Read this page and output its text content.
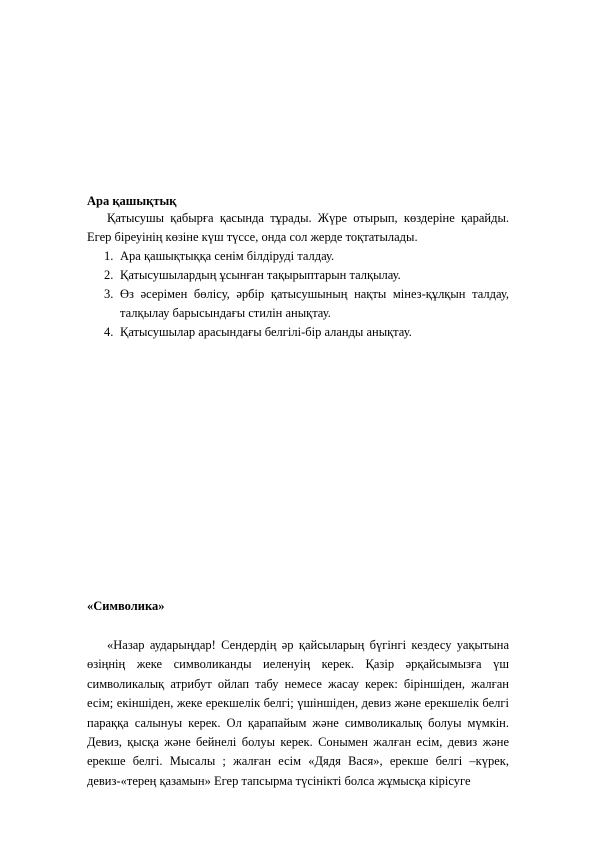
Ара қашықтық

Қатысушы қабырға қасында тұрады. Жүре отырып, көздеріне қарайды. Егер біреуінің көзіне күш түссе, онда сол жерде тоқтатылады.

1. Ара қашықтыққа сенім білдіруді талдау.
2. Қатысушылардың ұсынған тақырыптарын талқылау.
3. Өз әсерімен бөлісу, әрбір қатысушының нақты мінез-құлқын талдау, талқылау барысындағы стилін анықтау.
4. Қатысушылар арасындағы белгілі-бір аланды анықтау.
«Символика»

«Назар аударыңдар! Сендердің әр қайсыларың бүгінгі кездесу уақытына өзіңнің жеке символиканды иеленуің керек. Қазір әрқайсымызға үш символикалық атрибут ойлап табу немесе жасау керек: біріншіден, жалған есім; екіншіден, жеке ерекшелік белгі; үшіншіден, девиз және ерекшелік белгі параққа салынуы керек. Ол қарапайым және символикалық болуы мүмкін. Девиз, қысқа және бейнелі болуы керек. Сонымен жалған есім, девиз және ерекше белгі. Мысалы ; жалған есім «Дядя Вася», ерекше белгі –күрек, девиз-«терең қазамын» Егер тапсырма түсінікті болса жұмысқа кірісуге
